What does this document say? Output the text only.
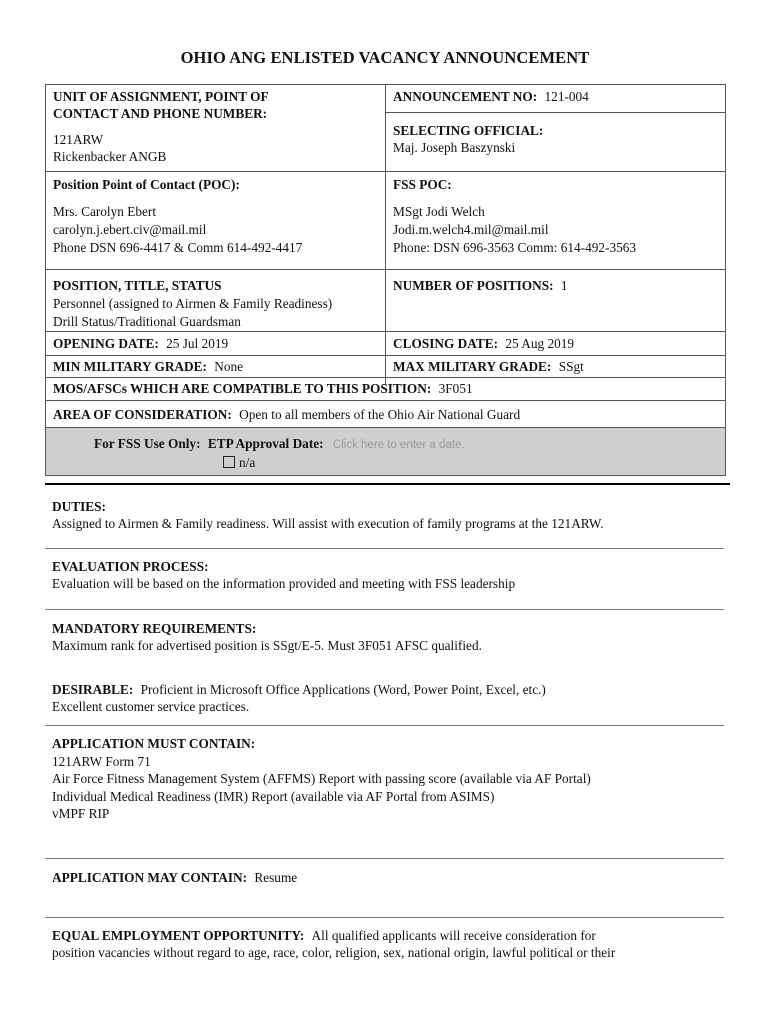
OHIO ANG ENLISTED VACANCY ANNOUNCEMENT
UNIT OF ASSIGNMENT, POINT OF
CONTACT AND PHONE NUMBER:
121ARW
Rickenbacker ANGB
ANNOUNCEMENT NO: 121-004
SELECTING OFFICIAL:
Maj. Joseph Baszynski
Position Point of Contact (POC):
Mrs. Carolyn Ebert
carolyn.j.ebert.civ@mail.mil
Phone DSN 696-4417 & Comm 614-492-4417
FSS POC:
MSgt Jodi Welch
Jodi.m.welch4.mil@mail.mil
Phone: DSN 696-3563 Comm: 614-492-3563
POSITION, TITLE, STATUS
Personnel (assigned to Airmen & Family Readiness)
Drill Status/Traditional Guardsman
NUMBER OF POSITIONS: 1
OPENING DATE: 25 Jul 2019	CLOSING DATE: 25 Aug 2019
MIN MILITARY GRADE: None	MAX MILITARY GRADE: SSgt
MOS/AFSCs WHICH ARE COMPATIBLE TO THIS POSITION: 3F051
AREA OF CONSIDERATION: Open to all members of the Ohio Air National Guard
For FSS Use Only: ETP Approval Date: Click here to enter a date.
n/a
DUTIES:
Assigned to Airmen & Family readiness. Will assist with execution of family programs at the 121ARW.
EVALUATION PROCESS:
Evaluation will be based on the information provided and meeting with FSS leadership
MANDATORY REQUIREMENTS:
Maximum rank for advertised position is SSgt/E-5. Must 3F051 AFSC qualified.
DESIRABLE: Proficient in Microsoft Office Applications (Word, Power Point, Excel, etc.)
Excellent customer service practices.
APPLICATION MUST CONTAIN:
121ARW Form 71
Air Force Fitness Management System (AFFMS) Report with passing score (available via AF Portal)
Individual Medical Readiness (IMR) Report (available via AF Portal from ASIMS)
vMPF RIP
APPLICATION MAY CONTAIN: Resume
EQUAL EMPLOYMENT OPPORTUNITY: All qualified applicants will receive consideration for
position vacancies without regard to age, race, color, religion, sex, national origin, lawful political or their
